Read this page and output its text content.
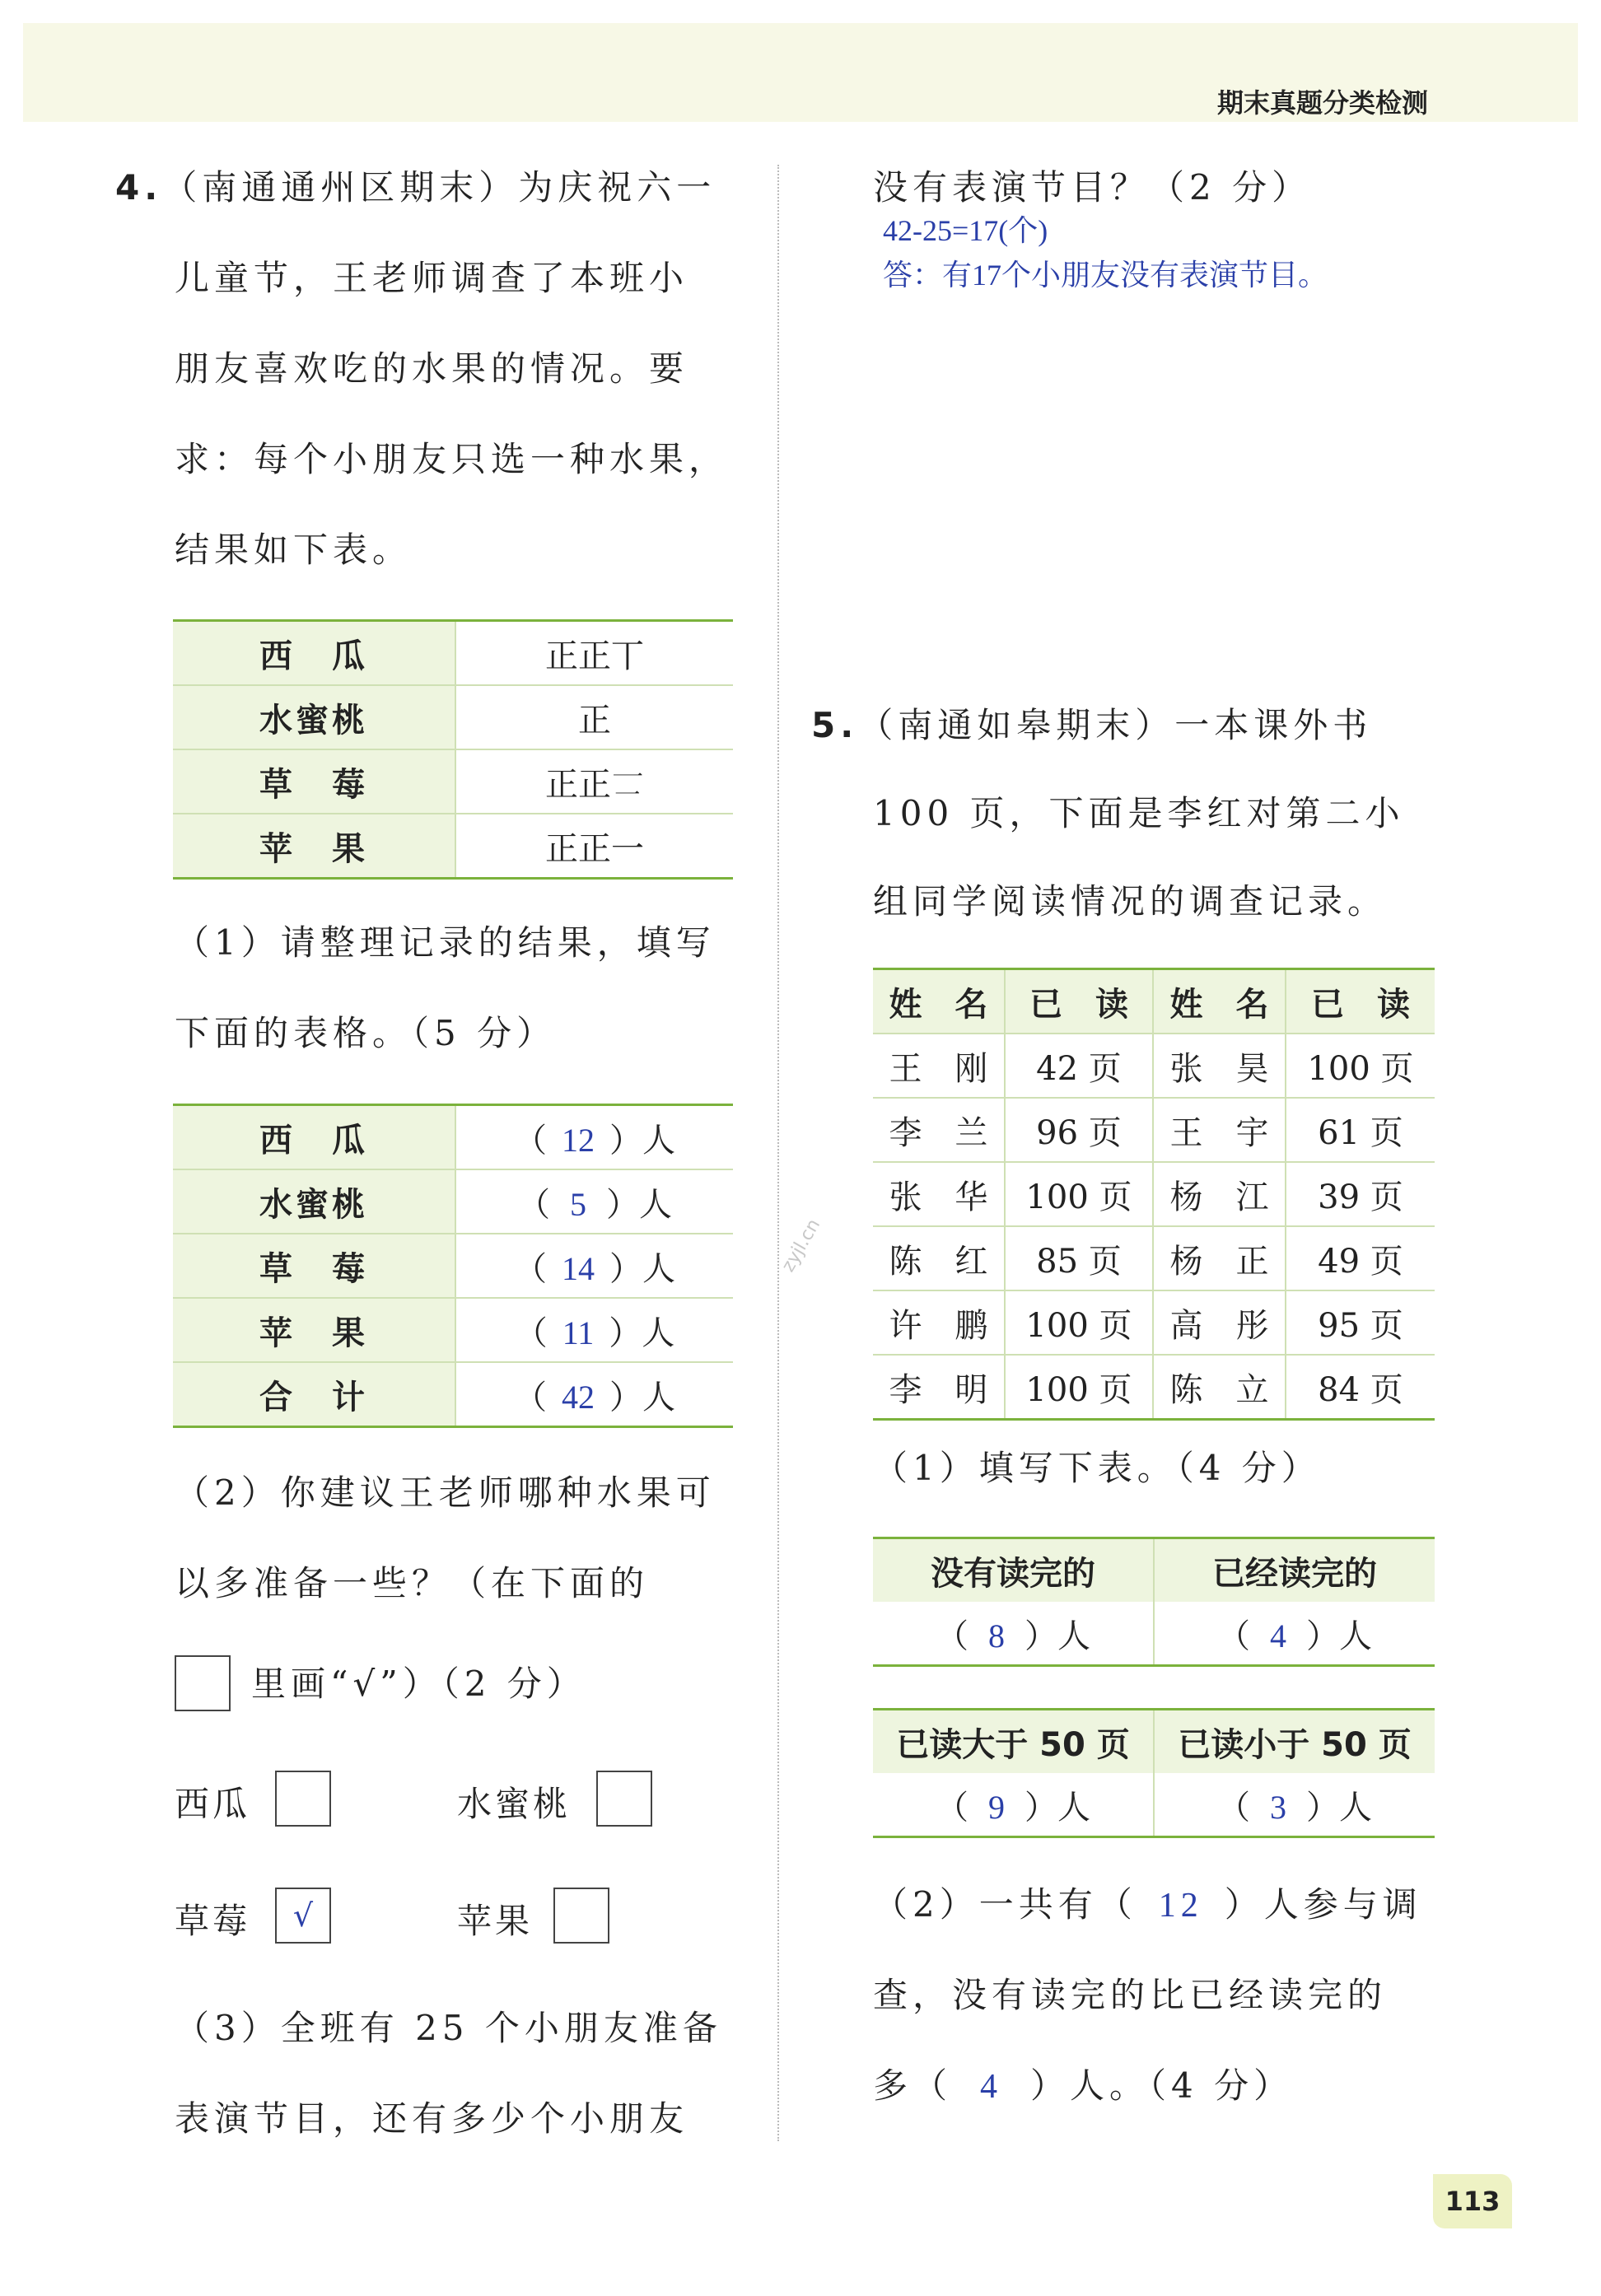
期末真题分类检测
zyjl.cn
4.（南通通州区期末）为庆祝六一
儿童节，王老师调查了本班小
朋友喜欢吃的水果的情况。要
求：每个小朋友只选一种水果，
结果如下表。
西　瓜	正正丅
水蜜桃	正
草　莓	正正𠄟
苹　果	正正一
（1）请整理记录的结果，填写
下面的表格。（5 分）
西　瓜	（ 12 ）人
水蜜桃	（ 5 ）人
草　莓	（ 14 ）人
苹　果	（ 11 ）人
合　计	（ 42 ）人
（2）你建议王老师哪种水果可
以多准备一些？（在下面的
里画“√”）（2 分）
西瓜	水蜜桃
草莓	√	苹果
（3）全班有 25 个小朋友准备
表演节目，还有多少个小朋友
没有表演节目？（2 分）
42-25=17(个)
答：有17个小朋友没有表演节目。
5.（南通如皋期末）一本课外书
100 页，下面是李红对第二小
组同学阅读情况的调查记录。
姓　名	已　读	姓　名	已　读
王　刚	42 页	张　昊	100 页
李　兰	96 页	王　宇	61 页
张　华	100 页	杨　江	39 页
陈　红	85 页	杨　正	49 页
许　鹏	100 页	高　彤	95 页
李　明	100 页	陈　立	84 页
（1）填写下表。（4 分）
没有读完的	已经读完的
（ 8 ）人	（ 4 ）人
已读大于 50 页	已读小于 50 页
（ 9 ）人	（ 3 ）人
（2）一共有（ 12 ）人参与调
查，没有读完的比已经读完的
多（ 4 ）人。（4 分）
113
